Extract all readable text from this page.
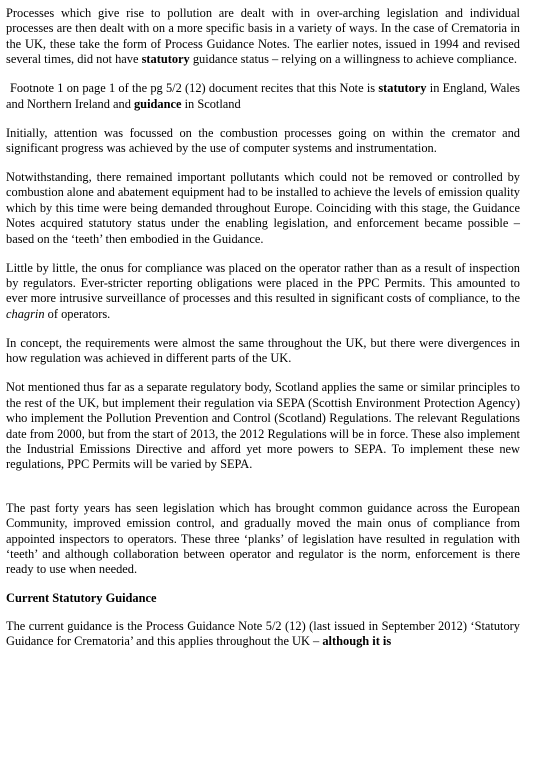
Processes which give rise to pollution are dealt with in over-arching legislation and individual processes are then dealt with on a more specific basis in a variety of ways. In the case of Crematoria in the UK, these take the form of Process Guidance Notes. The earlier notes, issued in 1994 and revised several times, did not have statutory guidance status – relying on a willingness to achieve compliance.

Footnote 1 on page 1 of the pg 5/2 (12) document recites that this Note is statutory in England, Wales and Northern Ireland and guidance in Scotland

Initially, attention was focussed on the combustion processes going on within the cremator and significant progress was achieved by the use of computer systems and instrumentation.

Notwithstanding, there remained important pollutants which could not be removed or controlled by combustion alone and abatement equipment had to be installed to achieve the levels of emission quality which by this time were being demanded throughout Europe. Coinciding with this stage, the Guidance Notes acquired statutory status under the enabling legislation, and enforcement became possible – based on the ‘teeth’ then embodied in the Guidance.

Little by little, the onus for compliance was placed on the operator rather than as a result of inspection by regulators. Ever-stricter reporting obligations were placed in the PPC Permits. This amounted to ever more intrusive surveillance of processes and this resulted in significant costs of compliance, to the chagrin of operators.

In concept, the requirements were almost the same throughout the UK, but there were divergences in how regulation was achieved in different parts of the UK.

Not mentioned thus far as a separate regulatory body, Scotland applies the same or similar principles to the rest of the UK, but implement their regulation via SEPA (Scottish Environment Protection Agency) who implement the Pollution Prevention and Control (Scotland) Regulations. The relevant Regulations date from 2000, but from the start of 2013, the 2012 Regulations will be in force. These also implement the Industrial Emissions Directive and afford yet more powers to SEPA. To implement these new regulations, PPC Permits will be varied by SEPA.

The past forty years has seen legislation which has brought common guidance across the European Community, improved emission control, and gradually moved the main onus of compliance from appointed inspectors to operators. These three ‘planks’ of legislation have resulted in regulation with ‘teeth’ and although collaboration between operator and regulator is the norm, enforcement is there ready to use when needed.

Current Statutory Guidance

The current guidance is the Process Guidance Note 5/2 (12) (last issued in September 2012) ‘Statutory Guidance for Crematoria’ and this applies throughout the UK – although it is
